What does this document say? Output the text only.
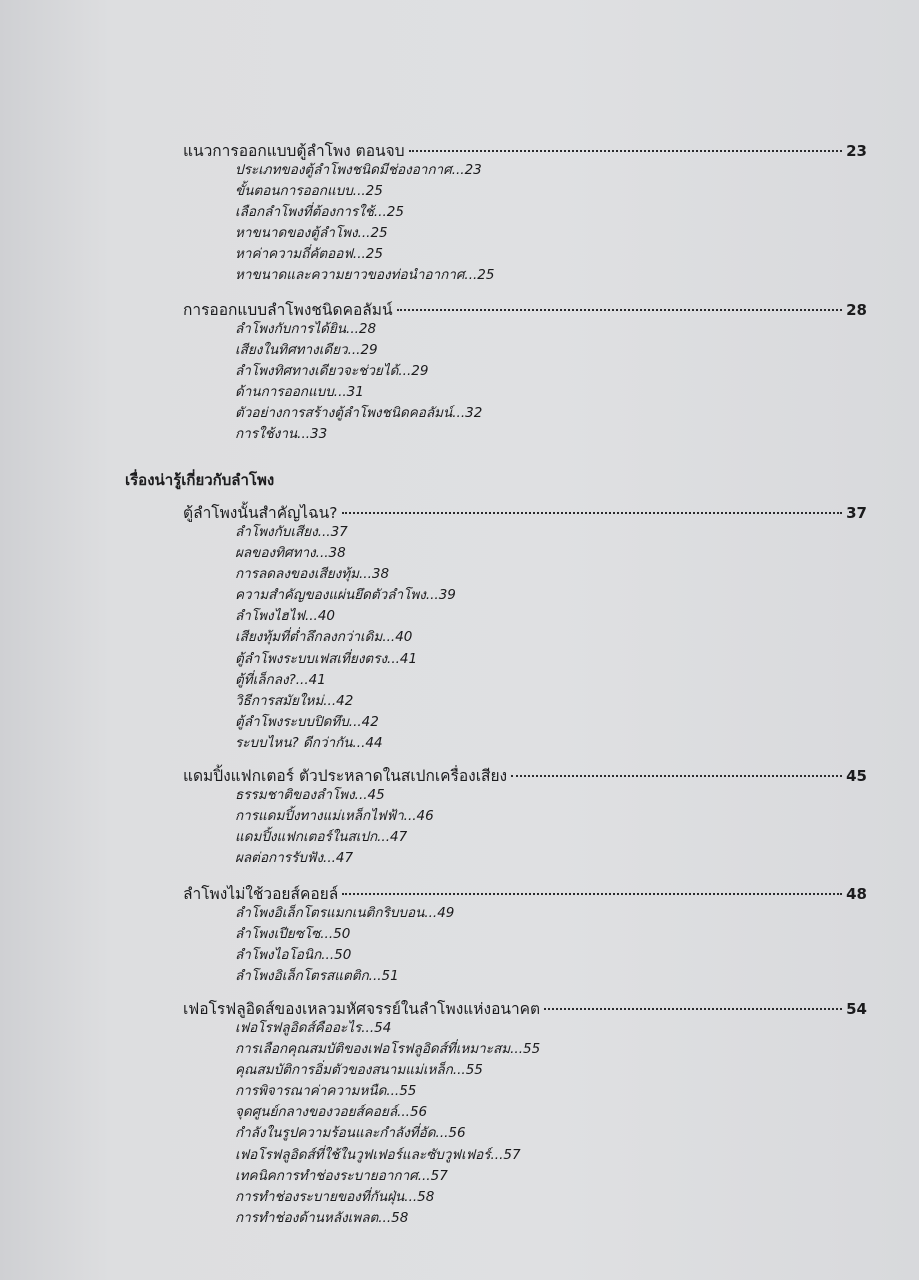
เรื่องน่ารู้เกี่ยวกับลำโพง
แนวการออกแบบตู้ลำโพง ตอนจบ	23
ประเภทของตู้ลำโพงชนิดมีช่องอากาศ...23
ขั้นตอนการออกแบบ...25
เลือกลำโพงที่ต้องการใช้...25
หาขนาดของตู้ลำโพง...25
หาค่าความถี่คัตออฟ...25
หาขนาดและความยาวของท่อนำอากาศ...25
การออกแบบลำโพงชนิดคอลัมน์	28
ลำโพงกับการได้ยิน...28
เสียงในทิศทางเดียว...29
ลำโพงทิศทางเดียวจะช่วยได้...29
ด้านการออกแบบ...31
ตัวอย่างการสร้างตู้ลำโพงชนิดคอลัมน์...32
การใช้งาน...33
ตู้ลำโพงนั้นสำคัญไฉน?	37
ลำโพงกับเสียง...37
ผลของทิศทาง...38
การลดลงของเสียงทุ้ม...38
ความสำคัญของแผ่นยึดตัวลำโพง...39
ลำโพงไฮไฟ...40
เสียงทุ้มที่ต่ำลึกลงกว่าเดิม...40
ตู้ลำโพงระบบเฟสเที่ยงตรง...41
ตู้ที่เล็กลง?...41
วิธีการสมัยใหม่...42
ตู้ลำโพงระบบปิดทึบ...42
ระบบไหน? ดีกว่ากัน...44
แดมปิ้งแฟกเตอร์ ตัวประหลาดในสเปกเครื่องเสียง	45
ธรรมชาติของลำโพง...45
การแดมปิ้งทางแม่เหล็กไฟฟ้า...46
แดมปิ้งแฟกเตอร์ในสเปก...47
ผลต่อการรับฟัง...47
ลำโพงไม่ใช้วอยส์คอยล์	48
ลำโพงอิเล็กโตรแมกเนติกริบบอน...49
ลำโพงเปียซโซ...50
ลำโพงไอโอนิก...50
ลำโพงอิเล็กโตรสแตติก...51
เฟอโรฟลูอิดส์ของเหลวมหัศจรรย์ในลำโพงแห่งอนาคต	54
เฟอโรฟลูอิดส์คืออะไร...54
การเลือกคุณสมบัติของเฟอโรฟลูอิดส์ที่เหมาะสม...55
คุณสมบัติการอิ่มตัวของสนามแม่เหล็ก...55
การพิจารณาค่าความหนืด...55
จุดศูนย์กลางของวอยส์คอยล์...56
กำลังในรูปความร้อนและกำลังที่อัด...56
เฟอโรฟลูอิดส์ที่ใช้ในวูฟเฟอร์และซับวูฟเฟอร์...57
เทคนิคการทำช่องระบายอากาศ...57
การทำช่องระบายของที่กันฝุ่น...58
การทำช่องด้านหลังเพลต...58
